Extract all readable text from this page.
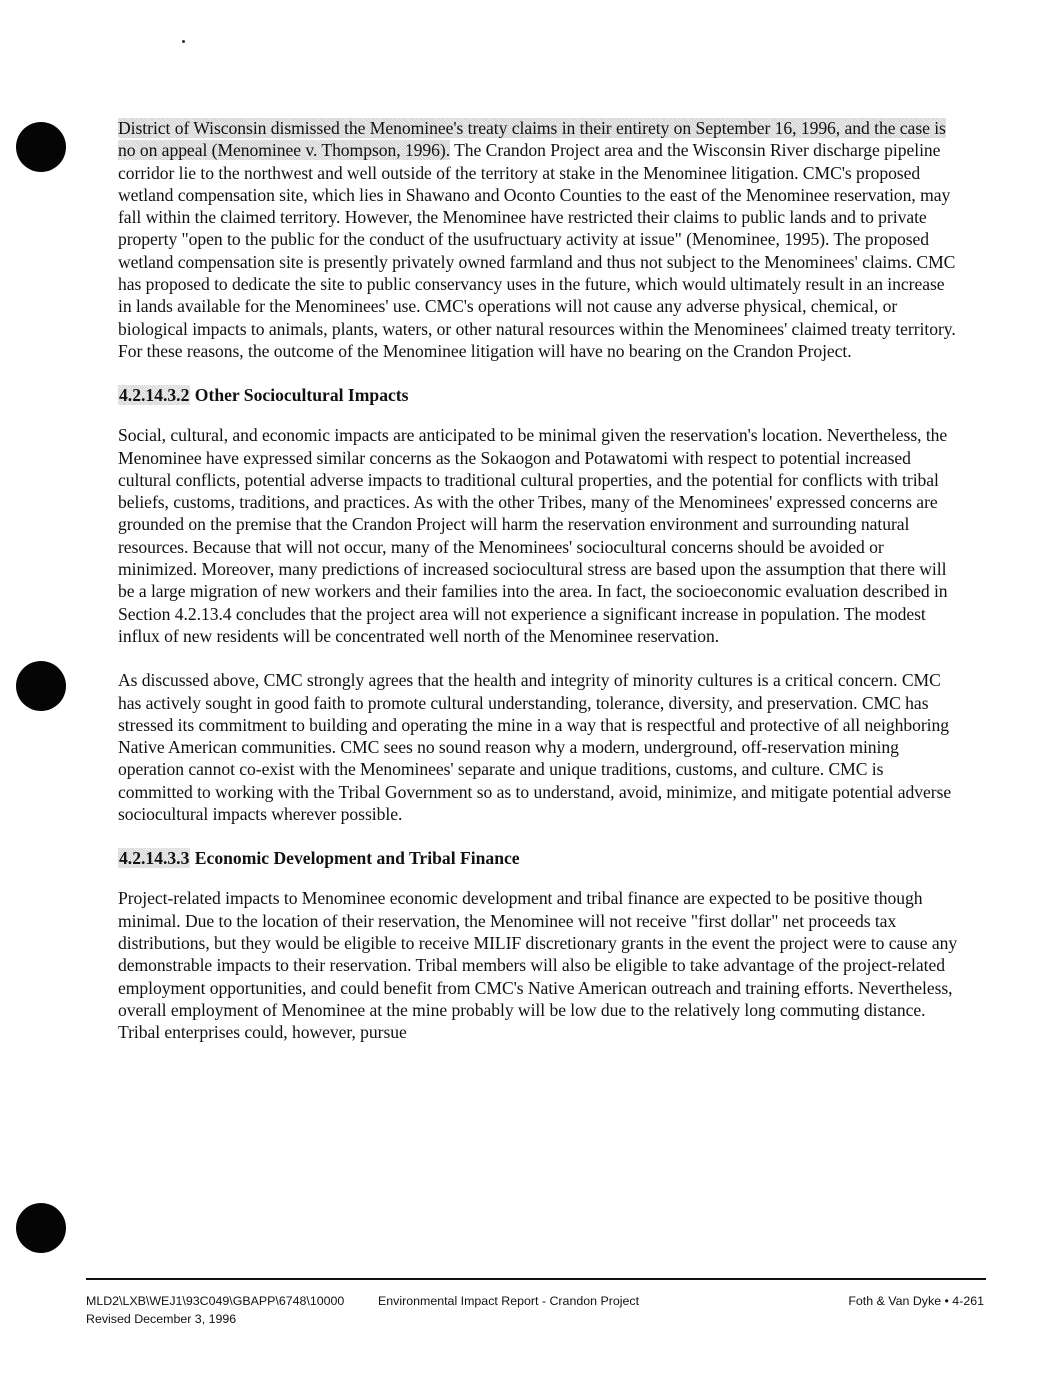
District of Wisconsin dismissed the Menominee's treaty claims in their entirety on September 16, 1996, and the case is no on appeal (Menominee v. Thompson, 1996). The Crandon Project area and the Wisconsin River discharge pipeline corridor lie to the northwest and well outside of the territory at stake in the Menominee litigation. CMC's proposed wetland compensation site, which lies in Shawano and Oconto Counties to the east of the Menominee reservation, may fall within the claimed territory. However, the Menominee have restricted their claims to public lands and to private property "open to the public for the conduct of the usufructuary activity at issue" (Menominee, 1995). The proposed wetland compensation site is presently privately owned farmland and thus not subject to the Menominees' claims. CMC has proposed to dedicate the site to public conservancy uses in the future, which would ultimately result in an increase in lands available for the Menominees' use. CMC's operations will not cause any adverse physical, chemical, or biological impacts to animals, plants, waters, or other natural resources within the Menominees' claimed treaty territory. For these reasons, the outcome of the Menominee litigation will have no bearing on the Crandon Project.

4.2.14.3.2 Other Sociocultural Impacts

Social, cultural, and economic impacts are anticipated to be minimal given the reservation's location. Nevertheless, the Menominee have expressed similar concerns as the Sokaogon and Potawatomi with respect to potential increased cultural conflicts, potential adverse impacts to traditional cultural properties, and the potential for conflicts with tribal beliefs, customs, traditions, and practices. As with the other Tribes, many of the Menominees' expressed concerns are grounded on the premise that the Crandon Project will harm the reservation environment and surrounding natural resources. Because that will not occur, many of the Menominees' sociocultural concerns should be avoided or minimized. Moreover, many predictions of increased sociocultural stress are based upon the assumption that there will be a large migration of new workers and their families into the area. In fact, the socioeconomic evaluation described in Section 4.2.13.4 concludes that the project area will not experience a significant increase in population. The modest influx of new residents will be concentrated well north of the Menominee reservation.

As discussed above, CMC strongly agrees that the health and integrity of minority cultures is a critical concern. CMC has actively sought in good faith to promote cultural understanding, tolerance, diversity, and preservation. CMC has stressed its commitment to building and operating the mine in a way that is respectful and protective of all neighboring Native American communities. CMC sees no sound reason why a modern, underground, off-reservation mining operation cannot co-exist with the Menominees' separate and unique traditions, customs, and culture. CMC is committed to working with the Tribal Government so as to understand, avoid, minimize, and mitigate potential adverse sociocultural impacts wherever possible.

4.2.14.3.3 Economic Development and Tribal Finance

Project-related impacts to Menominee economic development and tribal finance are expected to be positive though minimal. Due to the location of their reservation, the Menominee will not receive "first dollar" net proceeds tax distributions, but they would be eligible to receive MILIF discretionary grants in the event the project were to cause any demonstrable impacts to their reservation. Tribal members will also be eligible to take advantage of the project-related employment opportunities, and could benefit from CMC's Native American outreach and training efforts. Nevertheless, overall employment of Menominee at the mine probably will be low due to the relatively long commuting distance. Tribal enterprises could, however, pursue

MLD2\LXB\WEJ1\93C049\GBAPP\6748\10000	Environmental Impact Report - Crandon Project	Foth & Van Dyke • 4-261
Revised December 3, 1996
